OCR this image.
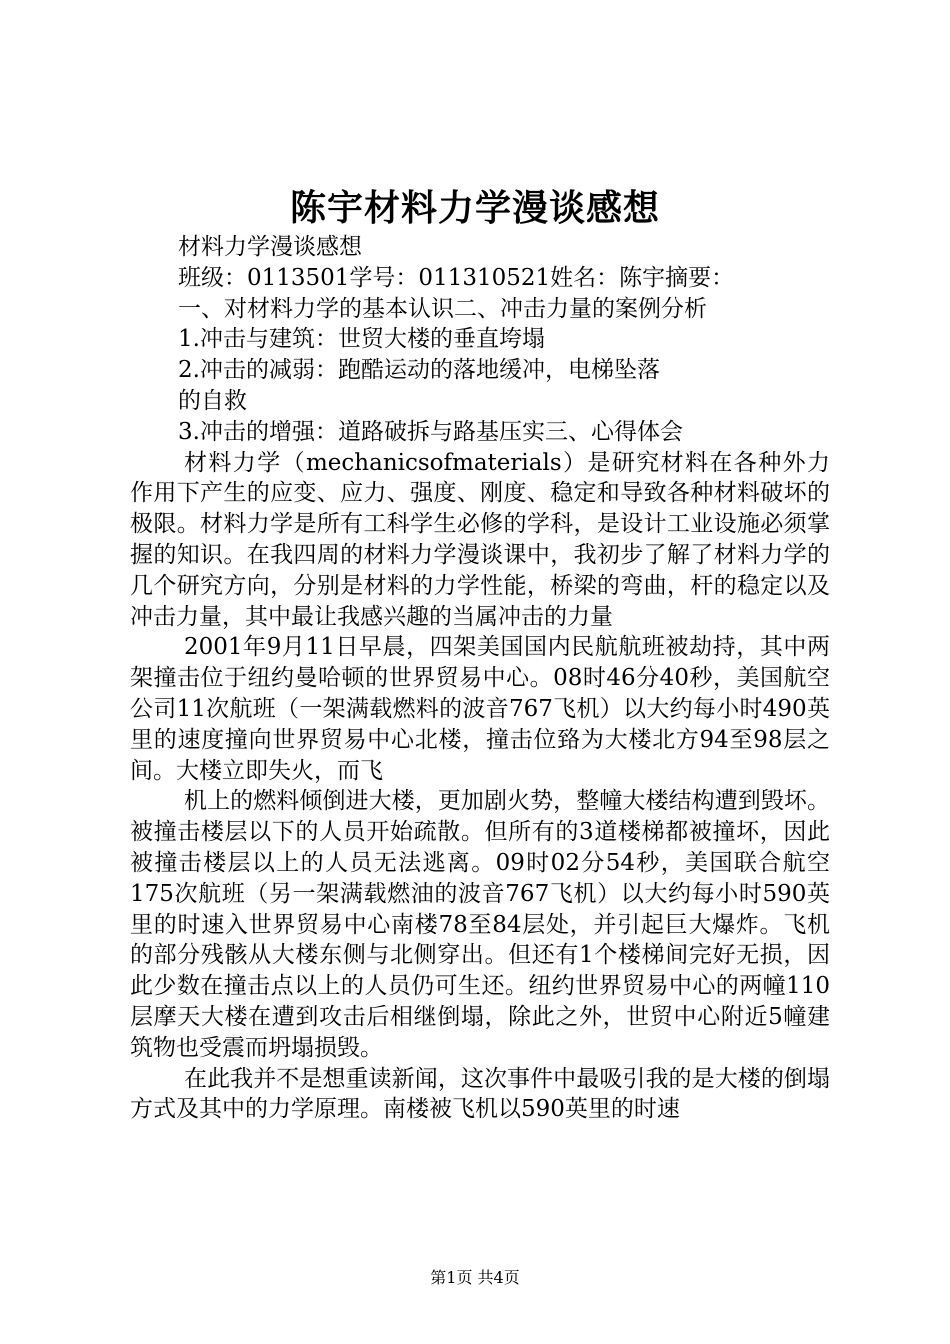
陈宇材料力学漫谈感想

材料力学漫谈感想

班级：0113501学号：011310521姓名：陈宇摘要：

一、对材料力学的基本认识二、冲击力量的案例分析

1.冲击与建筑：世贸大楼的垂直垮塌

2.冲击的减弱：跑酷运动的落地缓冲，电梯坠落

的自救

3.冲击的增强：道路破拆与路基压实三、心得体会

材料力学（mechanicsofmaterials）是研究材料在各种外力作用下产生的应变、应力、强度、刚度、稳定和导致各种材料破坏的极限。材料力学是所有工科学生必修的学科，是设计工业设施必须掌握的知识。在我四周的材料力学漫谈课中，我初步了解了材料力学的几个研究方向，分别是材料的力学性能，桥梁的弯曲，杆的稳定以及冲击力量，其中最让我感兴趣的当属冲击的力量

2001年9月11日早晨，四架美国国内民航航班被劫持，其中两架撞击位于纽约曼哈顿的世界贸易中心。08时46分40秒，美国航空公司11次航班（一架满载燃料的波音767飞机）以大约每小时490英里的速度撞向世界贸易中心北楼，撞击位臵为大楼北方94至98层之间。大楼立即失火，而飞

机上的燃料倾倒进大楼，更加剧火势，整幢大楼结构遭到毁坏。被撞击楼层以下的人员开始疏散。但所有的3道楼梯都被撞坏，因此被撞击楼层以上的人员无法逃离。09时02分54秒，美国联合航空175次航班（另一架满载燃油的波音767飞机）以大约每小时590英里的时速入世界贸易中心南楼78至84层处，并引起巨大爆炸。飞机的部分残骸从大楼东侧与北侧穿出。但还有1个楼梯间完好无损，因此少数在撞击点以上的人员仍可生还。纽约世界贸易中心的两幢110层摩天大楼在遭到攻击后相继倒塌，除此之外，世贸中心附近5幢建筑物也受震而坍塌损毁。

在此我并不是想重读新闻，这次事件中最吸引我的是大楼的倒塌方式及其中的力学原理。南楼被飞机以590英里的时速

第1页 共4页
